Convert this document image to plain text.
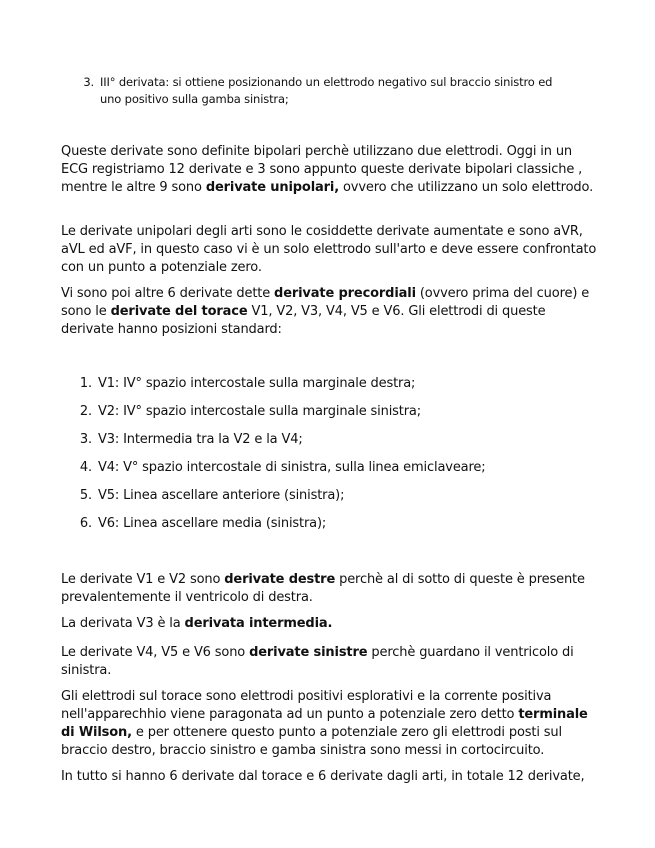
3. III° derivata: si ottiene posizionando un elettrodo negativo sul braccio sinistro ed
uno positivo sulla gamba sinistra;

Queste derivate sono definite bipolari perchè utilizzano due elettrodi. Oggi in un ECG registriamo 12 derivate e 3 sono appunto queste derivate bipolari classiche , mentre le altre 9 sono derivate unipolari, ovvero che utilizzano un solo elettrodo.

Le derivate unipolari degli arti sono le cosiddette derivate aumentate e sono aVR, aVL ed aVF, in questo caso vi è un solo elettrodo sull'arto e deve essere confrontato con un punto a potenziale zero.

Vi sono poi altre 6 derivate dette derivate precordiali (ovvero prima del cuore) e sono le derivate del torace V1, V2, V3, V4, V5 e V6. Gli elettrodi di queste derivate hanno posizioni standard:

1. V1: IV° spazio intercostale sulla marginale destra;
2. V2: IV° spazio intercostale sulla marginale sinistra;
3. V3: Intermedia tra la V2 e la V4;
4. V4: V° spazio intercostale di sinistra, sulla linea emiclaveare;
5. V5: Linea ascellare anteriore (sinistra);
6. V6: Linea ascellare media (sinistra);

Le derivate V1 e V2 sono derivate destre perchè al di sotto di queste è presente prevalentemente il ventricolo di destra.

La derivata V3 è la derivata intermedia.

Le derivate V4, V5 e V6 sono derivate sinistre perchè guardano il ventricolo di sinistra.

Gli elettrodi sul torace sono elettrodi positivi esplorativi e la corrente positiva nell'apparechhio viene paragonata ad un punto a potenziale zero detto terminale di Wilson, e per ottenere questo punto a potenziale zero gli elettrodi posti sul braccio destro, braccio sinistro e gamba sinistra sono messi in cortocircuito.

In tutto si hanno 6 derivate dal torace e 6 derivate dagli arti, in totale 12 derivate,
